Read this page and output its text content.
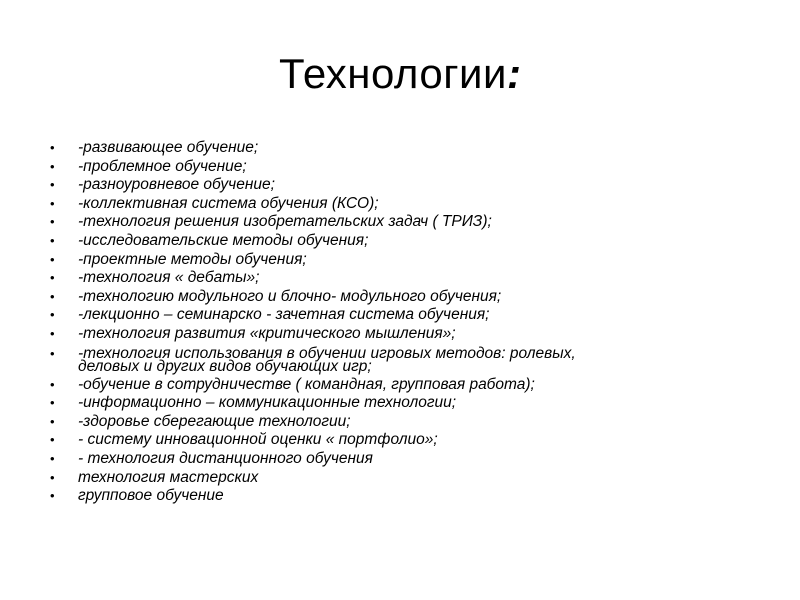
Технологии:
• -развивающее обучение;
• -проблемное обучение;
• -разноуровневое обучение;
• -коллективная система обучения (КСО);
• -технология решения изобретательских задач ( ТРИЗ);
• -исследовательские методы обучения;
• -проектные методы обучения;
• -технология « дебаты»;
• -технологию модульного и блочно- модульного обучения;
• -лекционно – семинарско - зачетная система обучения;
• -технология развития «критического мышления»;
• -технология использования в обучении игровых методов: ролевых,
деловых и других видов обучающих игр;
• -обучение в сотрудничестве ( командная, групповая работа);
• -информационно – коммуникационные технологии;
• -здоровье сберегающие технологии;
• - систему инновационной оценки « портфолио»;
• - технология дистанционного обучения
• технология мастерских
• групповое обучение
